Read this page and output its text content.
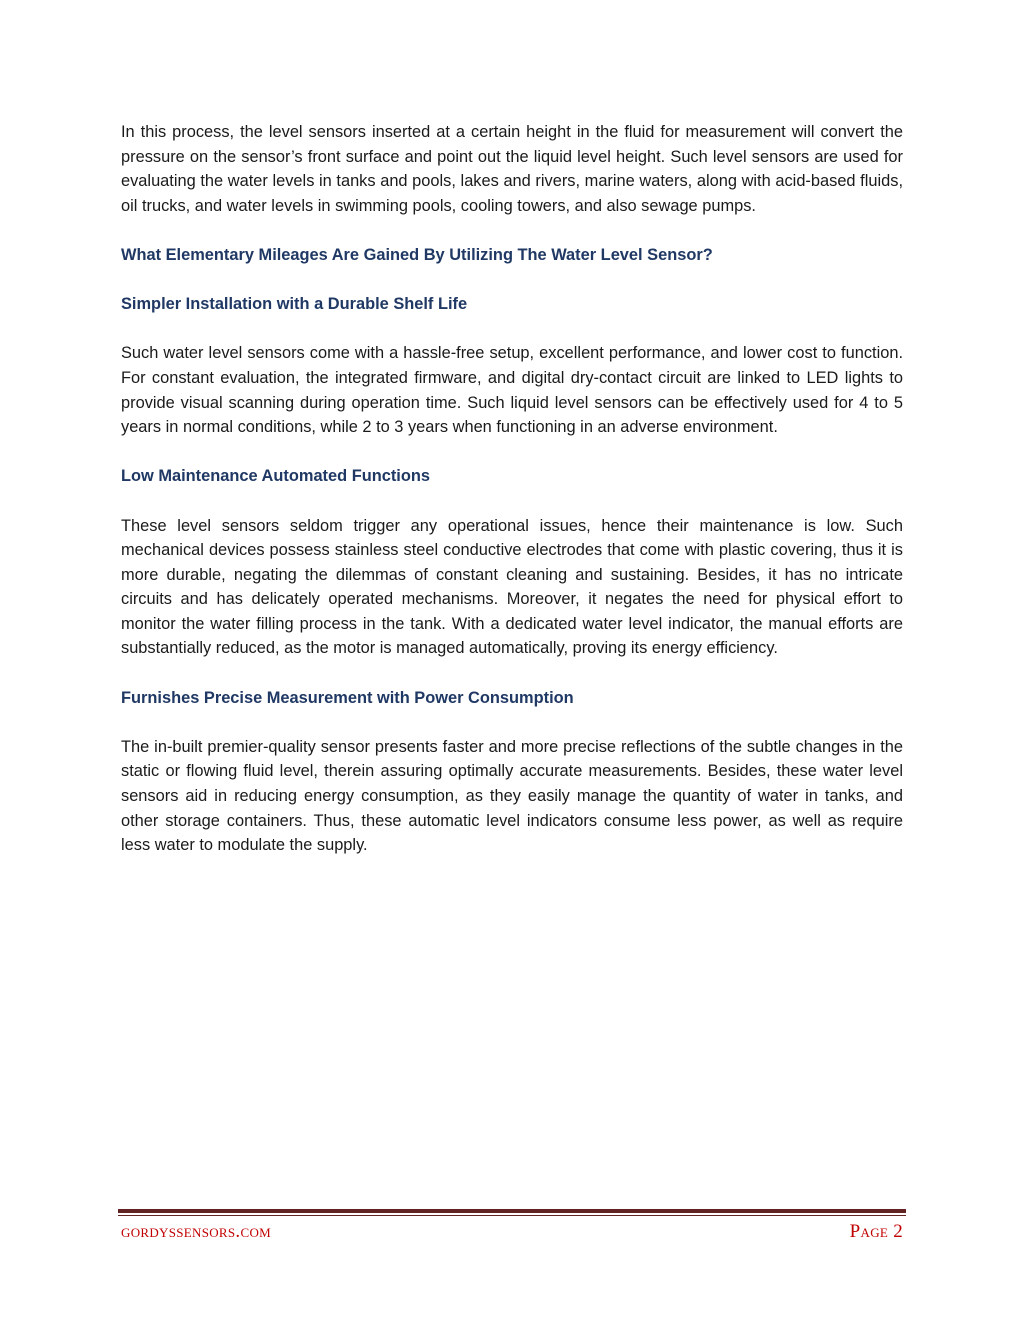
In this process, the level sensors inserted at a certain height in the fluid for measurement will convert the pressure on the sensor’s front surface and point out the liquid level height. Such level sensors are used for evaluating the water levels in tanks and pools, lakes and rivers, marine waters, along with acid-based fluids, oil trucks, and water levels in swimming pools, cooling towers, and also sewage pumps.

What Elementary Mileages Are Gained By Utilizing The Water Level Sensor?

Simpler Installation with a Durable Shelf Life

Such water level sensors come with a hassle-free setup, excellent performance, and lower cost to function. For constant evaluation, the integrated firmware, and digital dry-contact circuit are linked to LED lights to provide visual scanning during operation time. Such liquid level sensors can be effectively used for 4 to 5 years in normal conditions, while 2 to 3 years when functioning in an adverse environment.

Low Maintenance Automated Functions

These level sensors seldom trigger any operational issues, hence their maintenance is low. Such mechanical devices possess stainless steel conductive electrodes that come with plastic covering, thus it is more durable, negating the dilemmas of constant cleaning and sustaining. Besides, it has no intricate circuits and has delicately operated mechanisms. Moreover, it negates the need for physical effort to monitor the water filling process in the tank. With a dedicated water level indicator, the manual efforts are substantially reduced, as the motor is managed automatically, proving its energy efficiency.

Furnishes Precise Measurement with Power Consumption

The in-built premier-quality sensor presents faster and more precise reflections of the subtle changes in the static or flowing fluid level, therein assuring optimally accurate measurements. Besides, these water level sensors aid in reducing energy consumption, as they easily manage the quantity of water in tanks, and other storage containers. Thus, these automatic level indicators consume less power, as well as require less water to modulate the supply.

gordyssensors.com	Page 2
